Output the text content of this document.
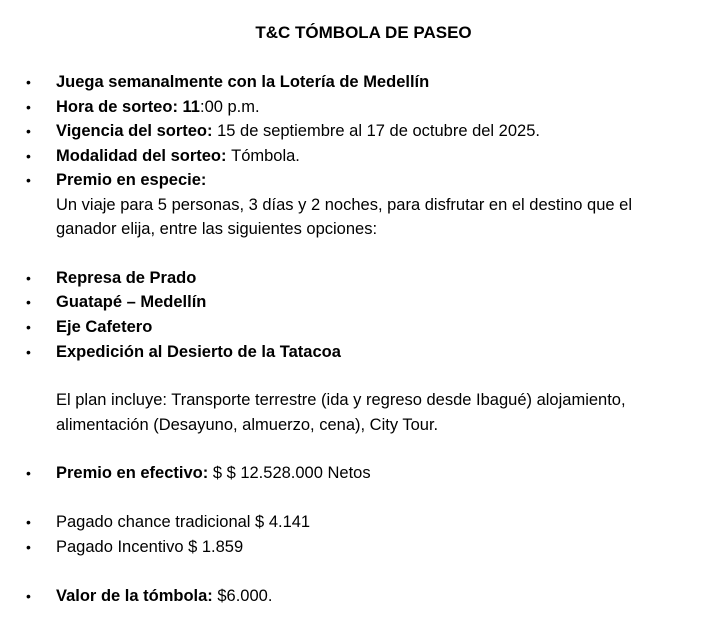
T&C TÓMBOLA DE PASEO
• Juega semanalmente con la Lotería de Medellín
• Hora de sorteo: 11:00 p.m.
• Vigencia del sorteo: 15 de septiembre al 17 de octubre del 2025.
• Modalidad del sorteo: Tómbola.
• Premio en especie:
Un viaje para 5 personas, 3 días y 2 noches, para disfrutar en el destino que el
ganador elija, entre las siguientes opciones:
• Represa de Prado
• Guatapé – Medellín
• Eje Cafetero
• Expedición al Desierto de la Tatacoa
El plan incluye: Transporte terrestre (ida y regreso desde Ibagué) alojamiento,
alimentación (Desayuno, almuerzo, cena), City Tour.
• Premio en efectivo: $ $ 12.528.000 Netos
• Pagado chance tradicional $ 4.141
• Pagado Incentivo $ 1.859
• Valor de la tómbola: $6.000.
